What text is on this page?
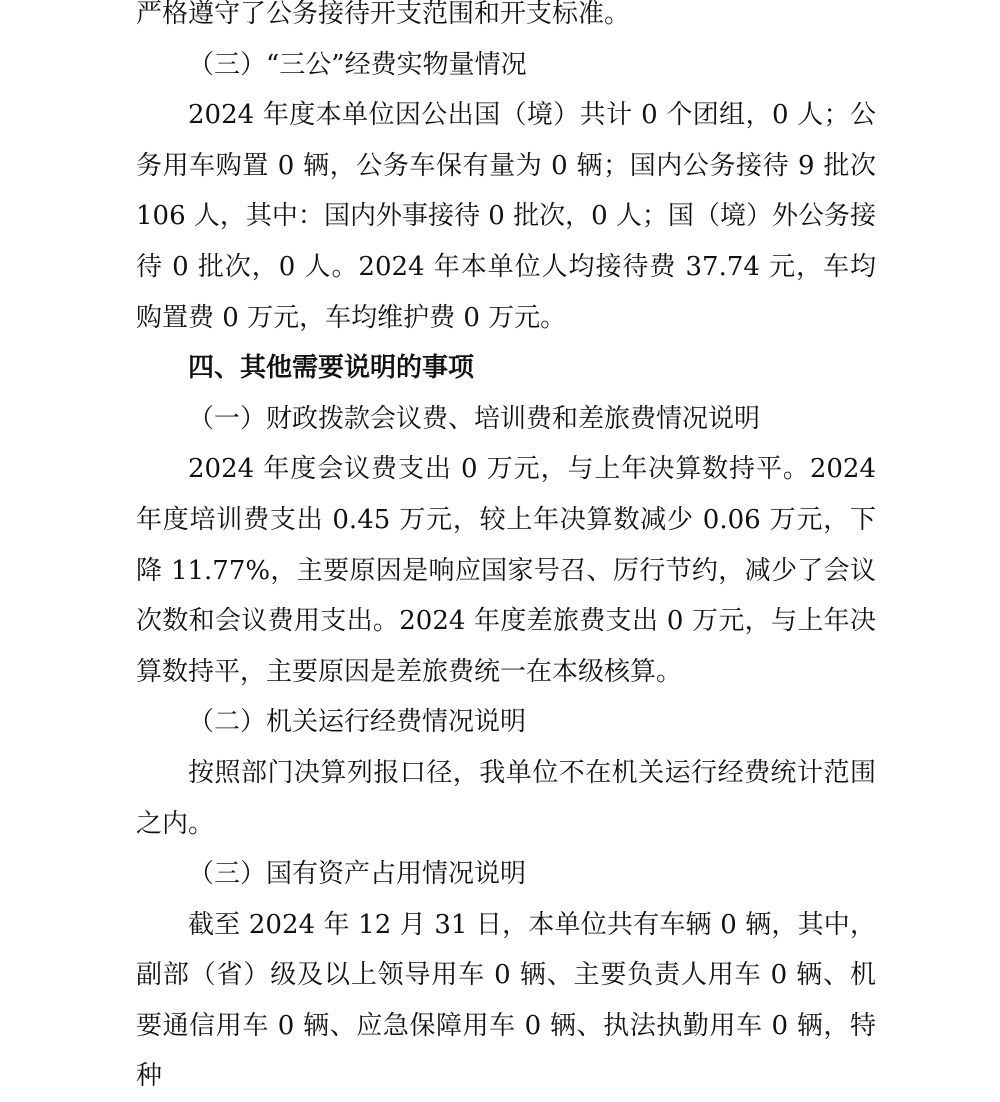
严格遵守了公务接待开支范围和开支标准。

（三）“三公”经费实物量情况

2024 年度本单位因公出国（境）共计 0 个团组，0 人；公务用车购置 0 辆，公务车保有量为 0 辆；国内公务接待 9 批次 106 人，其中：国内外事接待 0 批次，0 人；国（境）外公务接待 0 批次，0 人。2024 年本单位人均接待费 37.74 元，车均购置费 0 万元，车均维护费 0 万元。

四、其他需要说明的事项

（一）财政拨款会议费、培训费和差旅费情况说明

2024 年度会议费支出 0 万元，与上年决算数持平。2024 年度培训费支出 0.45 万元，较上年决算数减少 0.06 万元，下降 11.77%，主要原因是响应国家号召、厉行节约，减少了会议次数和会议费用支出。2024 年度差旅费支出 0 万元，与上年决算数持平，主要原因是差旅费统一在本级核算。

（二）机关运行经费情况说明

按照部门决算列报口径，我单位不在机关运行经费统计范围之内。

（三）国有资产占用情况说明

截至 2024 年 12 月 31 日，本单位共有车辆 0 辆，其中，副部（省）级及以上领导用车 0 辆、主要负责人用车 0 辆、机要通信用车 0 辆、应急保障用车 0 辆、执法执勤用车 0 辆，特种
